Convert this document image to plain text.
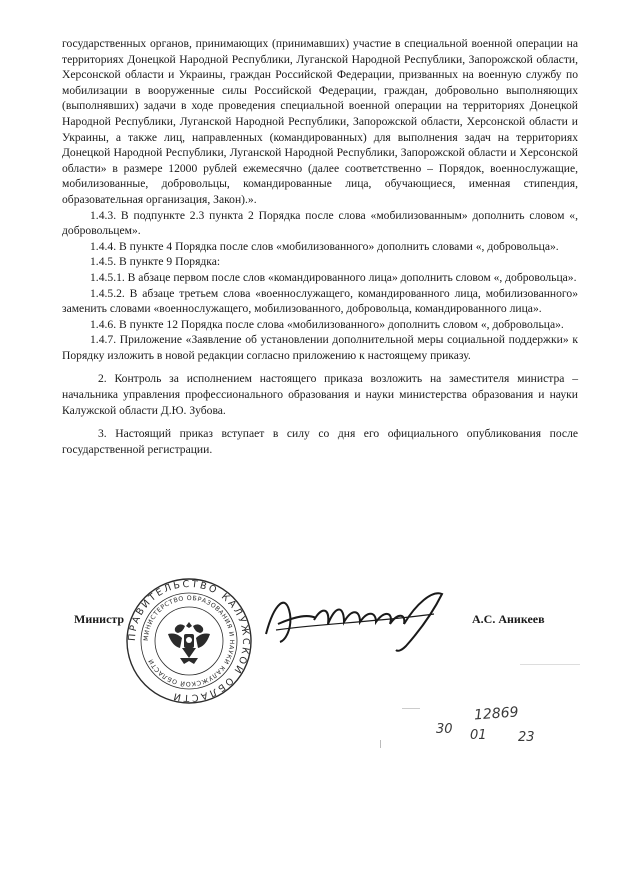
государственных органов, принимающих (принимавших) участие в специальной военной операции на территориях Донецкой Народной Республики, Луганской Народной Республики, Запорожской области, Херсонской области и Украины, граждан Российской Федерации, призванных на военную службу по мобилизации в вооруженные силы Российской Федерации, граждан, добровольно выполняющих (выполнявших) задачи в ходе проведения специальной военной операции на территориях Донецкой Народной Республики, Луганской Народной Республики, Запорожской области, Херсонской области и Украины, а также лиц, направленных (командированных) для выполнения задач на территориях Донецкой Народной Республики, Луганской Народной Республики, Запорожской области и Херсонской области» в размере 12000 рублей ежемесячно (далее соответственно – Порядок, военнослужащие, мобилизованные, добровольцы, командированные лица, обучающиеся, именная стипендия, образовательная организация, Закон).».

1.4.3. В подпункте 2.3 пункта 2 Порядка после слова «мобилизованным» дополнить словом «, добровольцем».

1.4.4. В пункте 4 Порядка после слов «мобилизованного» дополнить словами «, добровольца».

1.4.5. В пункте 9 Порядка:

1.4.5.1. В абзаце первом после слов «командированного лица» дополнить словом «, добровольца».

1.4.5.2. В абзаце третьем слова «военнослужащего, командированного лица, мобилизованного» заменить словами «военнослужащего, мобилизованного, добровольца, командированного лица».

1.4.6. В пункте 12 Порядка после слова «мобилизованного» дополнить словом «, добровольца».

1.4.7. Приложение «Заявление об установлении дополнительной меры социальной поддержки» к Порядку изложить в новой редакции согласно приложению к настоящему приказу.

2. Контроль за исполнением настоящего приказа возложить на заместителя министра – начальника управления профессионального образования и науки министерства образования и науки Калужской области Д.Ю. Зубова.

3. Настоящий приказ вступает в силу со дня его официального опубликования после государственной регистрации.

ПРАВИТЕЛЬСТВО КАЛУЖСКОЙ ОБЛАСТИ
МИНИСТЕРСТВО ОБРАЗОВАНИЯ И НАУКИ КАЛУЖСКОЙ ОБЛАСТИ
Министр	А.С. Аникеев
12869
30 01 23
